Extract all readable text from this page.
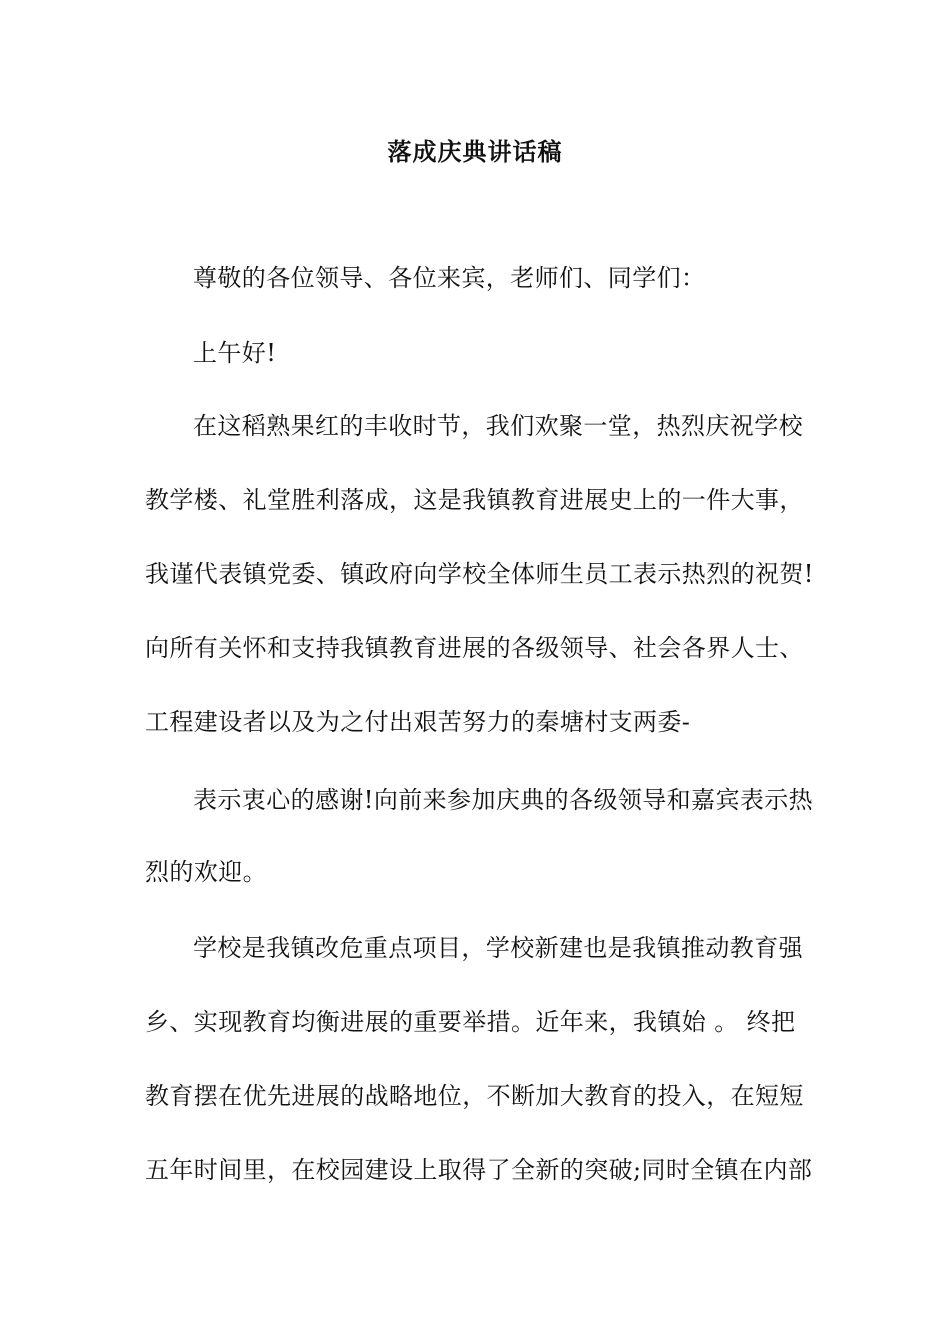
落成庆典讲话稿
尊敬的各位领导、各位来宾，老师们、同学们：
上午好!
在这稻熟果红的丰收时节，我们欢聚一堂，热烈庆祝学校
教学楼、礼堂胜利落成，这是我镇教育进展史上的一件大事，
我谨代表镇党委、镇政府向学校全体师生员工表示热烈的祝贺!
向所有关怀和支持我镇教育进展的各级领导、社会各界人士、
工程建设者以及为之付出艰苦努力的秦塘村支两委-
表示衷心的感谢!向前来参加庆典的各级领导和嘉宾表示热
烈的欢迎。
学校是我镇改危重点项目，学校新建也是我镇推动教育强
乡、实现教育均衡进展的重要举措。近年来，我镇始 。 终把
教育摆在优先进展的战略地位，不断加大教育的投入，在短短
五年时间里，在校园建设上取得了全新的突破;同时全镇在内部
